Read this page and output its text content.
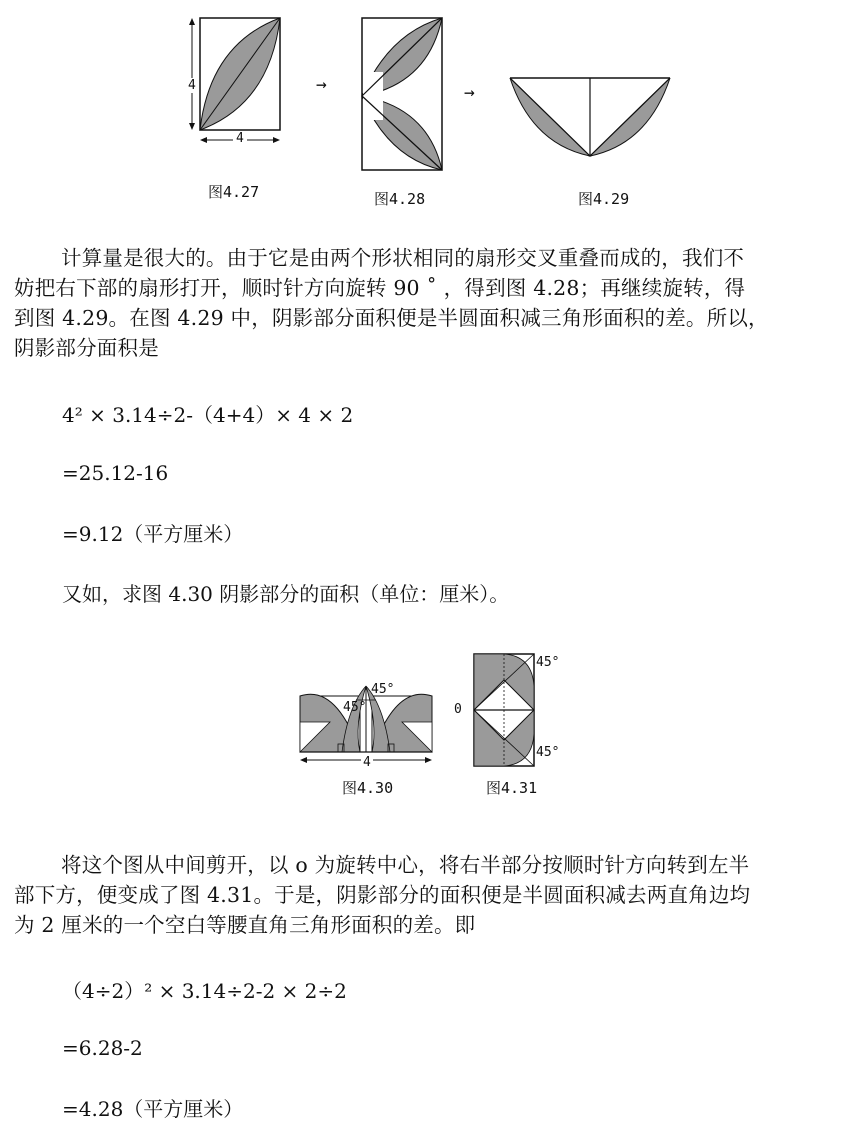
4
4
图4.27
→
图4.28
→
图4.29

计算量是很大的。由于它是由两个形状相同的扇形交叉重叠而成的，我们不

妨把右下部的扇形打开，顺时针方向旋转 90 ˚ ，得到图 4.28；再继续旋转，得

到图 4.29。在图 4.29 中，阴影部分面积便是半圆面积减三角形面积的差。所以，

阴影部分面积是

4² × 3.14÷2-（4+4）× 4 × 2
=25.12-16
=9.12（平方厘米）
又如，求图 4.30 阴影部分的面积（单位：厘米）。
45°
45°
4
图4.30
0
45°
45°
图4.31

将这个图从中间剪开，以 o 为旋转中心，将右半部分按顺时针方向转到左半

部下方，便变成了图 4.31。于是，阴影部分的面积便是半圆面积减去两直角边均

为 2 厘米的一个空白等腰直角三角形面积的差。即

（4÷2）² × 3.14÷2-2 × 2÷2
=6.28-2
=4.28（平方厘米）
